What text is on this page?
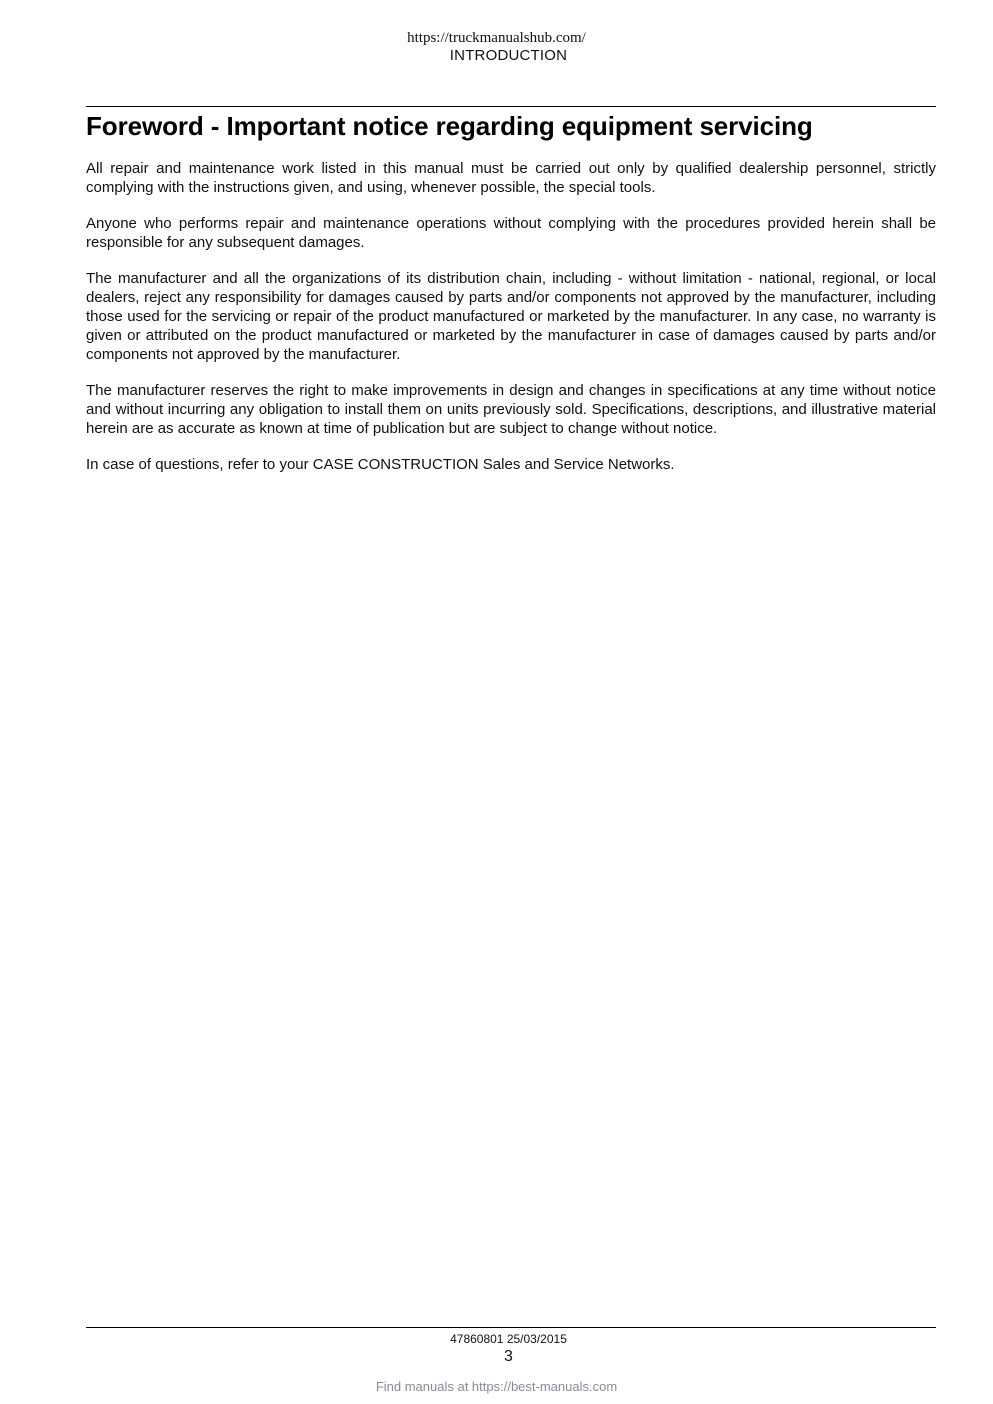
https://truckmanualshub.com/
INTRODUCTION
Foreword - Important notice regarding equipment servicing

All repair and maintenance work listed in this manual must be carried out only by qualified dealership personnel, strictly complying with the instructions given, and using, whenever possible, the special tools.

Anyone who performs repair and maintenance operations without complying with the procedures provided herein shall be responsible for any subsequent damages.

The manufacturer and all the organizations of its distribution chain, including - without limitation - national, regional, or local dealers, reject any responsibility for damages caused by parts and/or components not approved by the manufacturer, including those used for the servicing or repair of the product manufactured or marketed by the manufacturer. In any case, no warranty is given or attributed on the product manufactured or marketed by the manufacturer in case of damages caused by parts and/or components not approved by the manufacturer.

The manufacturer reserves the right to make improvements in design and changes in specifications at any time without notice and without incurring any obligation to install them on units previously sold. Specifications, descriptions, and illustrative material herein are as accurate as known at time of publication but are subject to change without notice.

In case of questions, refer to your CASE CONSTRUCTION Sales and Service Networks.

47860801 25/03/2015
3
Find manuals at https://best-manuals.com
